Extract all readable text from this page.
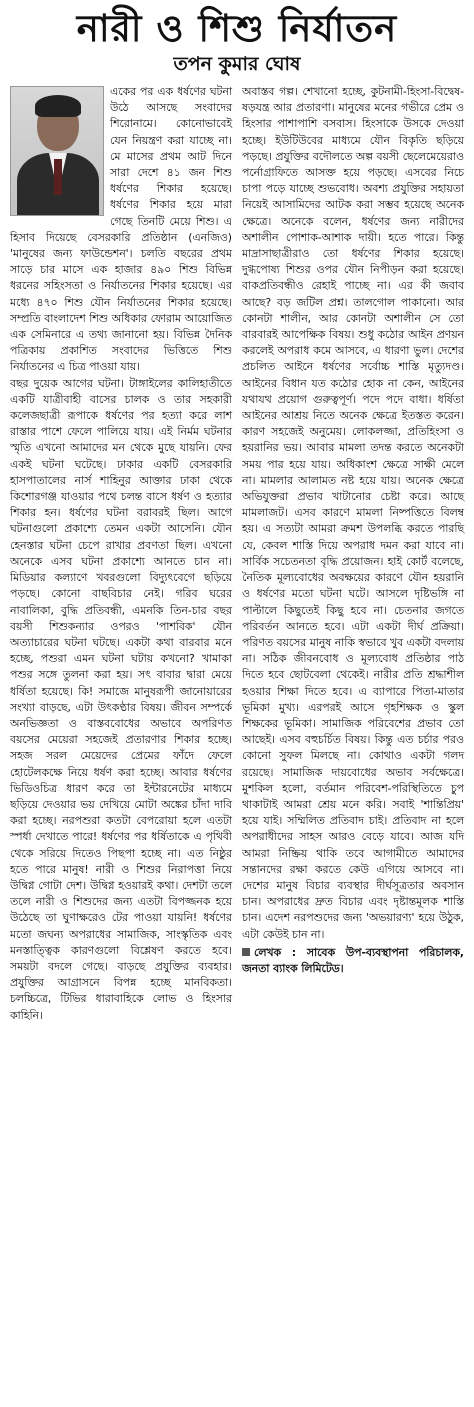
নারী ও শিশু নির্যাতন
তপন কুমার ঘোষ

একের পর এক ধর্ষণের ঘটনা উঠে আসছে সংবাদের শিরোনামে। কোনোভাবেই যেন নিয়ন্ত্রণ করা যাচ্ছে না। মে মাসের প্রথম আট দিনে সারা দেশে ৪১ জন শিশু ধর্ষণের শিকার হয়েছে। ধর্ষণের শিকার হয়ে মারা গেছে তিনটি মেয়ে শিশু। এ হিসাব দিয়েছে বেসরকারি প্রতিষ্ঠান (এনজিও) 'মানুষের জন্য ফাউন্ডেশন'। চলতি বছরের প্রথম সাড়ে চার মাসে এক হাজার ৪৯০ শিশু বিভিন্ন ধরনের সহিংসতা ও নির্যাতনের শিকার হয়েছে। এর মধ্যে ৪৭০ শিশু যৌন নির্যাতনের শিকার হয়েছে। সম্প্রতি বাংলাদেশ শিশু অধিকার ফোরাম আয়োজিত এক সেমিনারে এ তথ্য জানানো হয়। বিভিন্ন দৈনিক পত্রিকায় প্রকাশিত সংবাদের ভিত্তিতে শিশু নির্যাতনের এ চিত্র পাওয়া যায়।

বছর দুয়েক আগের ঘটনা। টাঙ্গাইলের কালিহাতীতে একটি যাত্রীবাহী বাসের চালক ও তার সহকারী কলেজছাত্রী রূপাকে ধর্ষণের পর হত্যা করে লাশ রাস্তার পাশে ফেলে পালিয়ে যায়। এই নির্মম ঘটনার স্মৃতি এখনো আমাদের মন থেকে মুছে যায়নি। ফের একই ঘটনা ঘটেছে। ঢাকার একটি বেসরকারি হাসপাতালের নার্স শাহিনুর আক্তার ঢাকা থেকে কিশোরগঞ্জ যাওয়ার পথে চলন্ত বাসে ধর্ষণ ও হত্যার শিকার হন। ধর্ষণের ঘটনা বরাবরই ছিল। আগে ঘটনাগুলো প্রকাশ্যে তেমন একটা আসেনি। যৌন হেনস্তার ঘটনা চেপে রাখার প্রবণতা ছিল। এখনো অনেকে এসব ঘটনা প্রকাশ্যে আনতে চান না। মিডিয়ার কল্যাণে খবরগুলো বিদ্যুৎবেগে ছড়িয়ে পড়ছে। কোনো বাছবিচার নেই। গরিব ঘরের নাবালিকা, বুদ্ধি প্রতিবন্ধী, এমনকি তিন-চার বছর বয়সী শিশুকন্যার ওপরও 'পাশবিক' যৌন অত্যাচারের ঘটনা ঘটছে। একটা কথা বারবার মনে হচ্ছে, পশুরা এমন ঘটনা ঘটায় কখনো? খামাকা পশুর সঙ্গে তুলনা করা হয়। সৎ বাবার দ্বারা মেয়ে ধর্ষিতা হয়েছে। কি! সমাজে মানুষরূপী জানোয়ারের সংখ্যা বাড়ছে, এটা উৎকণ্ঠার বিষয়। জীবন সম্পর্কে অনভিজ্ঞতা ও বাস্তববোধের অভাবে অপরিণত বয়সের মেয়েরা সহজেই প্রতারণার শিকার হচ্ছে। সহজ সরল মেয়েদের প্রেমের ফাঁদে ফেলে হোটেলকক্ষে নিয়ে ধর্ষণ করা হচ্ছে। আবার ধর্ষণের ভিডিওচিত্র ধারণ করে তা ইন্টারনেটের মাধ্যমে ছড়িয়ে দেওয়ার ভয় দেখিয়ে মোটা অঙ্কের চাঁদা দাবি করা হচ্ছে। নরপশুরা কতটা বেপরোয়া হলে এতটা স্পর্ধা দেখাতে পারে! ধর্ষণের পর ধর্ষিতাকে এ পৃথিবী থেকে সরিয়ে দিতেও পিছপা হচ্ছে না। এত নিষ্ঠুর হতে পারে মানুষ! নারী ও শিশুর নিরাপত্তা নিয়ে উদ্বিগ্ন গোটা দেশ। উদ্বিগ্ন হওয়ারই কথা। দেশটা তলে তলে নারী ও শিশুদের জন্য এতটা বিপজ্জনক হয়ে উঠেছে তা ঘুণাক্ষরেও টের পাওয়া যায়নি! ধর্ষণের মতো জঘন্য অপরাধের সামাজিক, সাংস্কৃতিক এবং মনস্তাত্ত্বিক কারণগুলো বিশ্লেষণ করতে হবে। সময়টা বদলে গেছে। বাড়ছে প্রযুক্তির ব্যবহার। প্রযুক্তির আগ্রাসনে বিপন্ন হচ্ছে মানবিকতা। চলচ্চিত্রে, টিভির ধারাবাহিকে লোভ ও হিংসার কাহিনি।

অবাস্তব গল্প। শেখানো হচ্ছে, কুটনামী-হিংসা-বিদ্বেষ-ষড়যন্ত্র আর প্রতারণা। মানুষের মনের গভীরে প্রেম ও হিংসার পাশাপাশি বসবাস। হিংসাকে উসকে দেওয়া হচ্ছে। ইউটিউবের মাধ্যমে যৌন বিকৃতি ছড়িয়ে পড়ছে। প্রযুক্তির বদৌলতে অল্প বয়সী ছেলেমেয়েরাও পর্নোগ্রাফিতে আসক্ত হয়ে পড়ছে। এসবের নিচে চাপা পড়ে যাচ্ছে শুভবোধ। অবশ্য প্রযুক্তির সহায়তা নিয়েই আসামিদের আটক করা সম্ভব হয়েছে অনেক ক্ষেত্রে। অনেকে বলেন, ধর্ষণের জন্য নারীদের অশালীন পোশাক-আশাক দায়ী। হতে পারে। কিন্তু মাদ্রাসাছাত্রীরাও তো ধর্ষণের শিকার হয়েছে। দুগ্ধপোষ্য শিশুর ওপর যৌন নিপীড়ন করা হয়েছে। বাকপ্রতিবন্ধীও রেহাই পাচ্ছে না। এর কী জবাব আছে? বড় জটিল প্রশ্ন। তালগোল পাকানো। আর কোনটা শালীন, আর কোনটা অশালীন সে তো বারবারই আপেক্ষিক বিষয়। শুধু কঠোর আইন প্রণয়ন করলেই অপরাধ কমে আসবে, এ ধারণা ভুল। দেশের প্রচলিত আইনে ধর্ষণের সর্বোচ্চ শাস্তি মৃত্যুদণ্ড। আইনের বিধান যত কঠোর হোক না কেন, আইনের যথাযথ প্রয়োগ গুরুত্বপূর্ণ। পদে পদে বাধা। ধর্ষিতা আইনের আশ্রয় নিতে অনেক ক্ষেত্রে ইতস্তত করেন। কারণ সহজেই অনুমেয়। লোকলজ্জা, প্রতিহিংসা ও হয়রানির ভয়। আবার মামলা তদন্ত করতে অনেকটা সময় পার হয়ে যায়। অধিকাংশ ক্ষেত্রে সাক্ষী মেলে না। মামলার আলামত নষ্ট হয়ে যায়। অনেক ক্ষেত্রে অভিযুক্তরা প্রভাব খাটানোর চেষ্টা করে। আছে মামলাজট। এসব কারণে মামলা নিষ্পত্তিতে বিলম্ব হয়। এ সত্যটা আমরা ক্রমশ উপলব্ধি করতে পারছি যে, কেবল শাস্তি দিয়ে অপরাধ দমন করা যাবে না। সার্বিক সচেতনতা বৃদ্ধি প্রয়োজন। হাই কোর্ট বলেছে, নৈতিক মূল্যবোধের অবক্ষয়ের কারণে যৌন হয়রানি ও ধর্ষণের মতো ঘটনা ঘটে। আসলে দৃষ্টিভঙ্গি না পাল্টালে কিছুতেই কিছু হবে না। চেতনার জগতে পরিবর্তন আনতে হবে। এটা একটা দীর্ঘ প্রক্রিয়া। পরিণত বয়সের মানুষ নাকি স্বভাবে খুব একটা বদলায় না। সঠিক জীবনবোধ ও মূল্যবোধ প্রতিষ্ঠার পাঠ দিতে হবে ছোটবেলা থেকেই। নারীর প্রতি শ্রদ্ধাশীল হওয়ার শিক্ষা দিতে হবে। এ ব্যাপারে পিতা-মাতার ভূমিকা মুখ্য। এরপরই আসে গৃহশিক্ষক ও স্কুল শিক্ষকের ভূমিকা। সামাজিক পরিবেশের প্রভাব তো আছেই। এসব বহুচর্চিত বিষয়। কিন্তু এত চর্চার পরও কোনো সুফল মিলছে না। কোথাও একটা গলদ রয়েছে। সামাজিক দায়বোধের অভাব সর্বক্ষেত্রে। মুশকিল হলো, বর্তমান পরিবেশ-পরিস্থিতিতে চুপ থাকাটাই আমরা শ্রেয় মনে করি। সবাই 'শান্তিপ্রিয়' হয়ে যাই। সম্মিলিত প্রতিবাদ চাই। প্রতিবাদ না হলে অপরাধীদের সাহস আরও বেড়ে যাবে। আজ যদি আমরা নিষ্ক্রিয় থাকি তবে আগামীতে আমাদের সন্তানদের রক্ষা করতে কেউ এগিয়ে আসবে না। দেশের মানুষ বিচার ব্যবস্থার দীর্ঘসূত্রতার অবসান চান। অপরাধের দ্রুত বিচার এবং দৃষ্টান্তমূলক শাস্তি চান। এদেশ নরপশুদের জন্য 'অভয়ারণ্য' হয়ে উঠুক, এটা কেউই চান না।

লেখক : সাবেক উপ-ব্যবস্থাপনা পরিচালক, জনতা ব্যাংক লিমিটেড।
